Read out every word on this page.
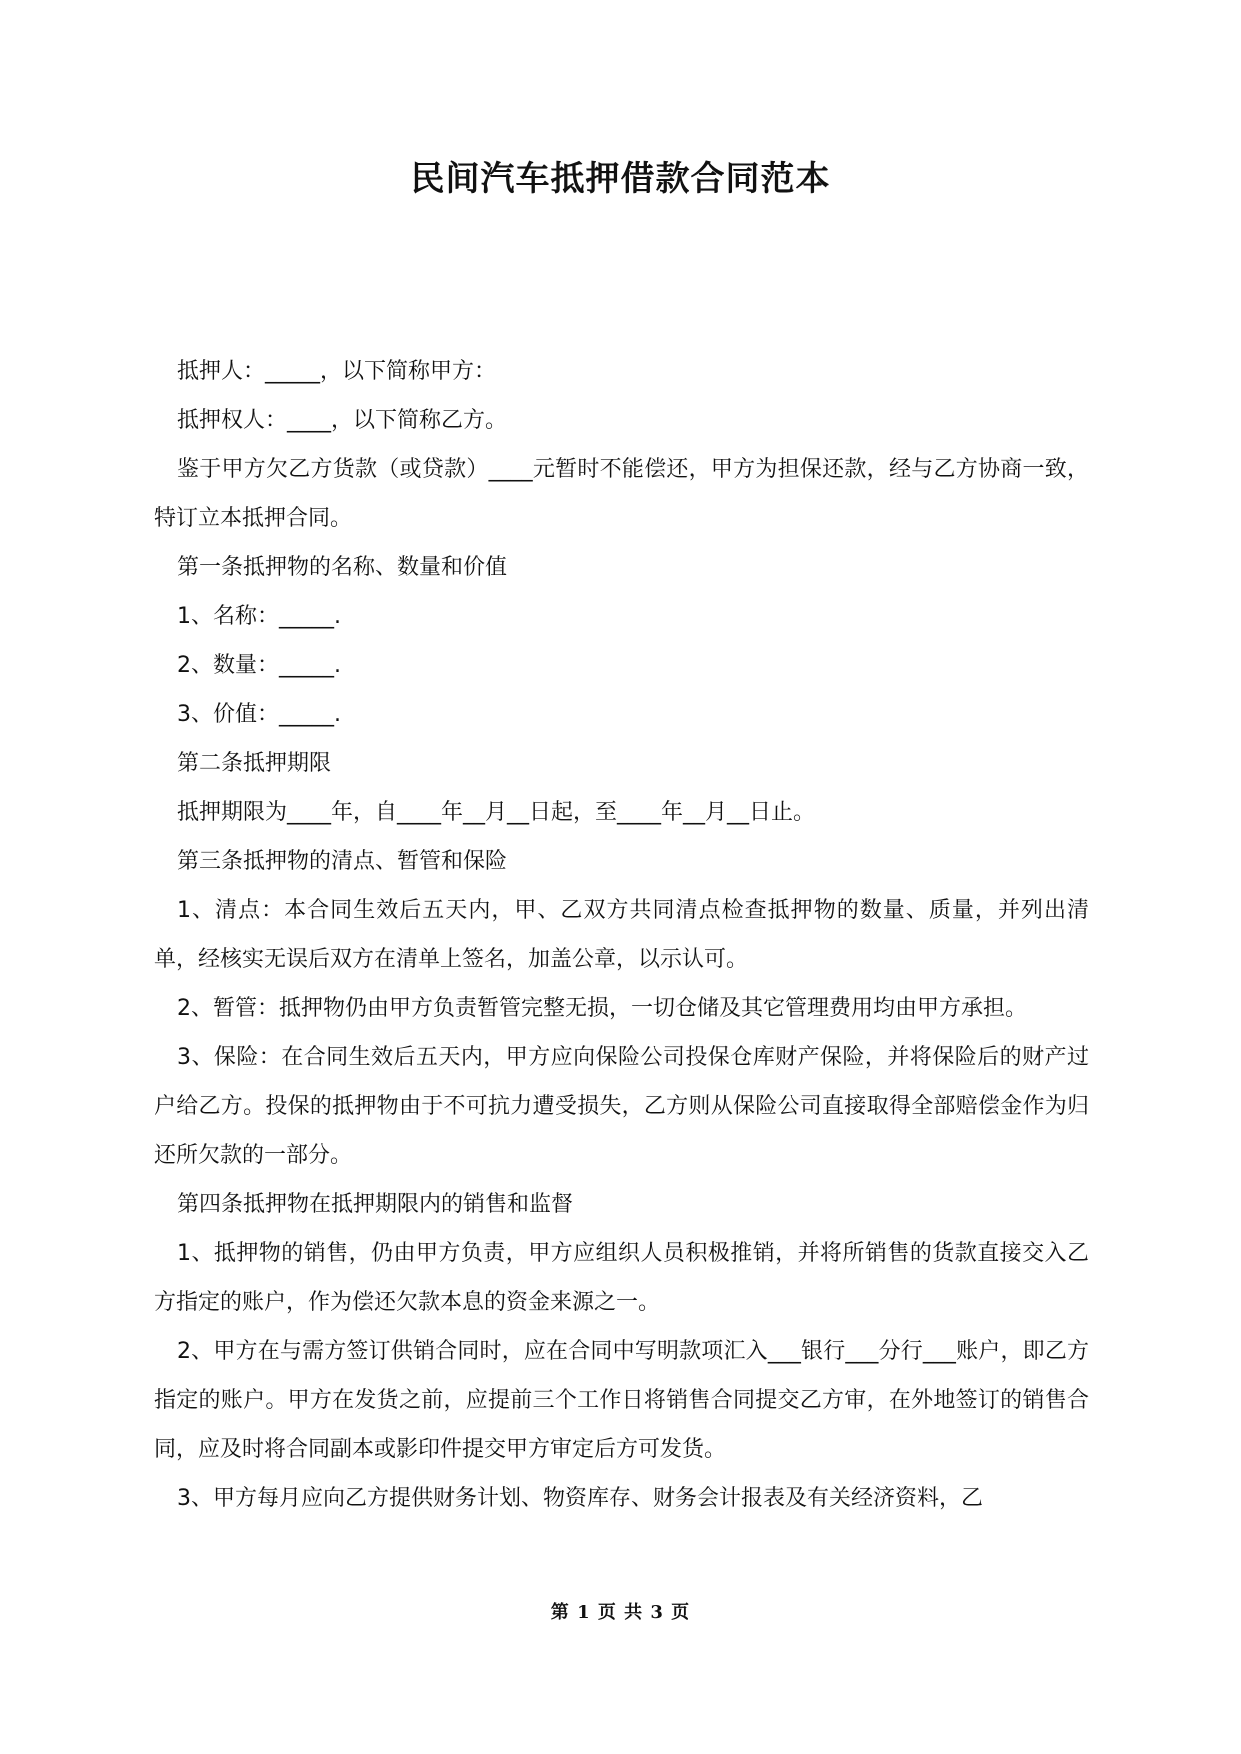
民间汽车抵押借款合同范本

抵押人：_____，以下简称甲方：

抵押权人：____，以下简称乙方。

鉴于甲方欠乙方货款（或贷款）____元暂时不能偿还，甲方为担保还款，经与乙方协商一致，特订立本抵押合同。

第一条抵押物的名称、数量和价值

1、名称：_____.

2、数量：_____.

3、价值：_____.

第二条抵押期限

抵押期限为____年，自____年__月__日起，至____年__月__日止。

第三条抵押物的清点、暂管和保险

1、清点：本合同生效后五天内，甲、乙双方共同清点检查抵押物的数量、质量，并列出清单，经核实无误后双方在清单上签名，加盖公章，以示认可。

2、暂管：抵押物仍由甲方负责暂管完整无损，一切仓储及其它管理费用均由甲方承担。

3、保险：在合同生效后五天内，甲方应向保险公司投保仓库财产保险，并将保险后的财产过户给乙方。投保的抵押物由于不可抗力遭受损失，乙方则从保险公司直接取得全部赔偿金作为归还所欠款的一部分。

第四条抵押物在抵押期限内的销售和监督

1、抵押物的销售，仍由甲方负责，甲方应组织人员积极推销，并将所销售的货款直接交入乙方指定的账户，作为偿还欠款本息的资金来源之一。

2、甲方在与需方签订供销合同时，应在合同中写明款项汇入___银行___分行___账户，即乙方指定的账户。甲方在发货之前，应提前三个工作日将销售合同提交乙方审，在外地签订的销售合同，应及时将合同副本或影印件提交甲方审定后方可发货。

3、甲方每月应向乙方提供财务计划、物资库存、财务会计报表及有关经济资料，乙

第 1 页 共 3 页
